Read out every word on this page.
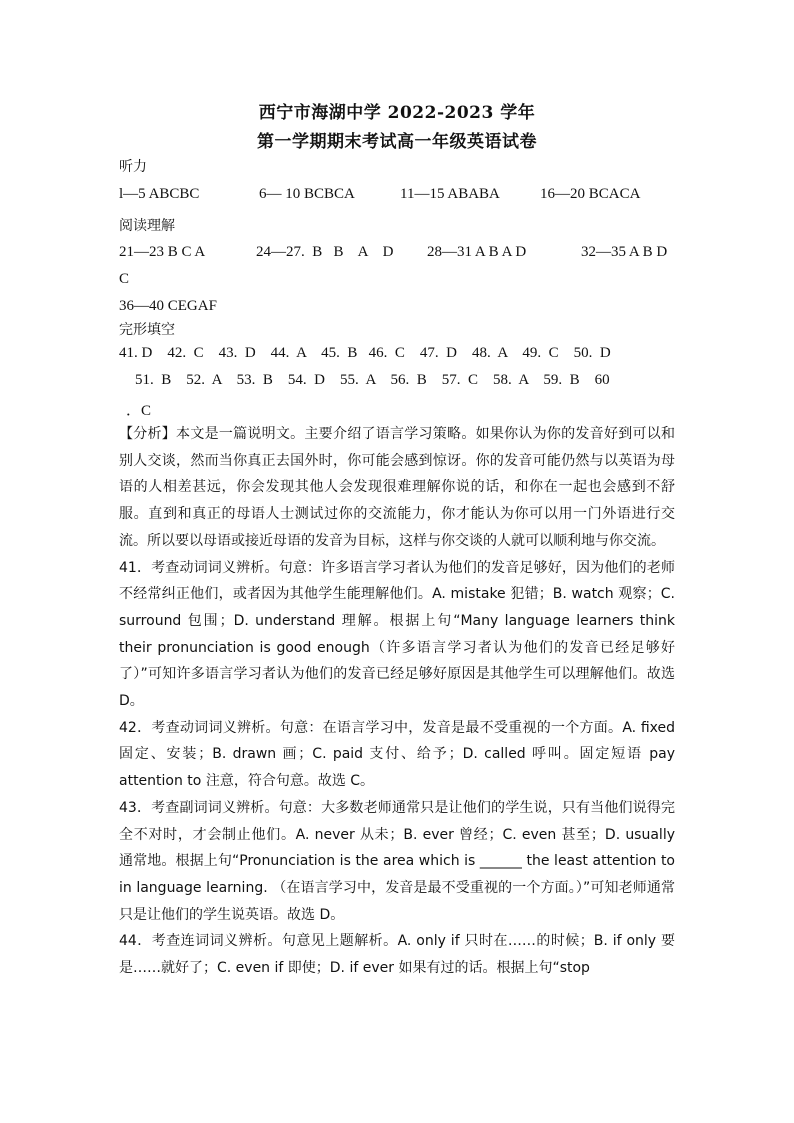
西宁市海湖中学 2022-2023 学年
第一学期期末考试高一年级英语试卷
听力
l—5 ABCBC	6— 10 BCBCA	11—15 ABABA	16—20 BCACA
阅读理解
21—23 B C A	24—27.  B   B    A    D 28—31 A B A D	32—35 A B D
C
36—40 CEGAF
完形填空
41. D    42.  C    43.  D    44.  A    45.  B   46.  C    47.  D    48.  A    49.  C    50.  D
51.  B    52.  A    53.  B    54.  D    55.  A    56.  B    57.  C    58.  A    59.  B    60
．C

【分析】本文是一篇说明文。主要介绍了语言学习策略。如果你认为你的发音好到可以和别人交谈，然而当你真正去国外时，你可能会感到惊讶。你的发音可能仍然与以英语为母语的人相差甚远，你会发现其他人会发现很难理解你说的话，和你在一起也会感到不舒服。直到和真正的母语人士测试过你的交流能力，你才能认为你可以用一门外语进行交流。所以要以母语或接近母语的发音为目标，这样与你交谈的人就可以顺利地与你交流。

41．考查动词词义辨析。句意：许多语言学习者认为他们的发音足够好，因为他们的老师不经常纠正他们，或者因为其他学生能理解他们。A. mistake 犯错；B. watch 观察；C. surround 包围；D. understand 理解。根据上句“Many language learners think their pronunciation is good enough（许多语言学习者认为他们的发音已经足够好了）”可知许多语言学习者认为他们的发音已经足够好原因是其他学生可以理解他们。故选 D。

42．考查动词词义辨析。句意：在语言学习中，发音是最不受重视的一个方面。A. fixed 固定、安装；B. drawn 画；C. paid 支付、给予；D. called 呼叫。固定短语 pay attention to 注意，符合句意。故选 C。

43．考查副词词义辨析。句意：大多数老师通常只是让他们的学生说，只有当他们说得完全不对时，才会制止他们。A. never 从未；B. ever 曾经；C. even 甚至；D. usually 通常地。根据上句“Pronunciation is the area which is ______ the least attention to in language learning. （在语言学习中，发音是最不受重视的一个方面。）”可知老师通常只是让他们的学生说英语。故选 D。

44．考查连词词义辨析。句意见上题解析。A. only if 只时在……的时候；B. if only 要是……就好了；C. even if 即使；D. if ever 如果有过的话。根据上句“stop
